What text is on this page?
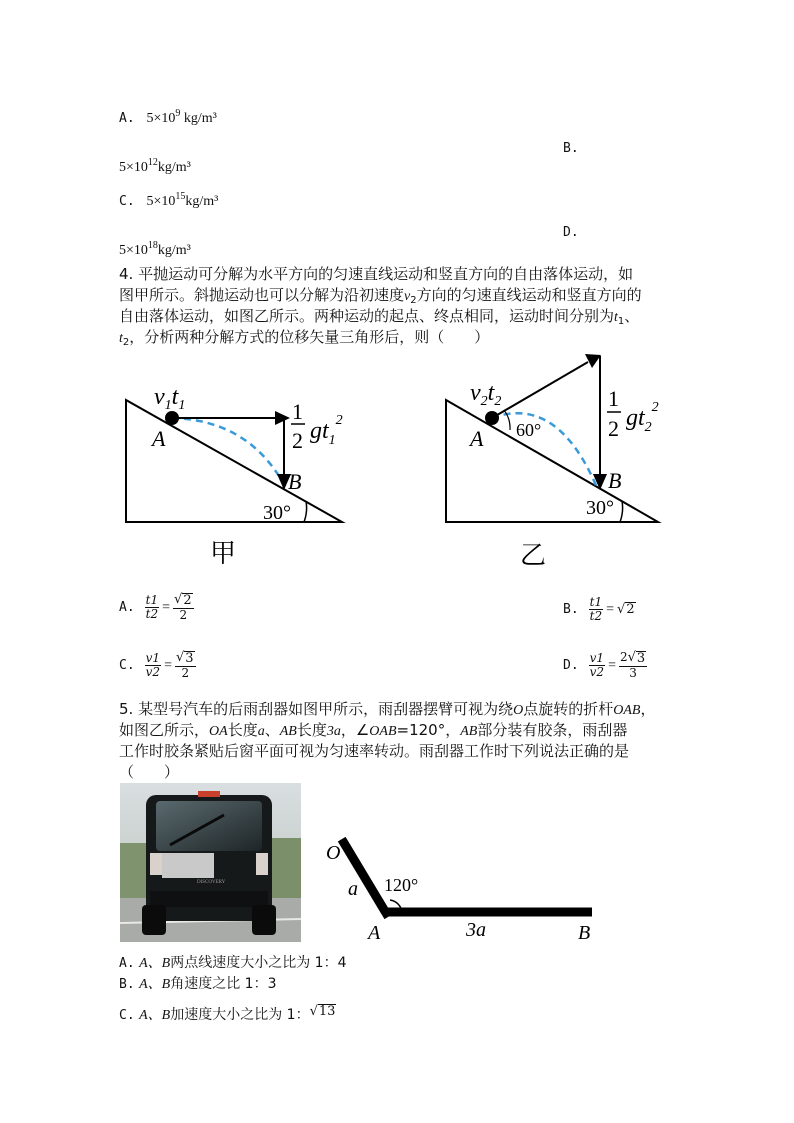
A. $5\times 10^9$ kg/m³
B.
$5\times 10^{12}kg/m^3$
C. $5\times 10^{15}kg/m^3$
D.
$5\times 10^{18}kg/m^3$
4. 平抛运动可分解为水平方向的匀速直线运动和竖直方向的自由落体运动，如
图甲所示。斜抛运动也可以分解为沿初速度$v_2$方向的匀速直线运动和竖直方向的
自由落体运动，如图乙所示。两种运动的起点、终点相同，运动时间分别为$t_1$、
$t_2$，分析两种分解方式的位移矢量三角形后，则（　　）
$v_1t_1$
A
B
1
2 $gt_1^2$
30°
甲
$v_2t_2$
A 60°
B
1
2 $gt_2^2$
30°
乙
A. $\frac{t1}{t2} = \frac{√ 2}{2}$	B. $\frac{t1}{t2}$ = √ 2
C. $\frac{v1}{v2} = \frac{√ 3}{2}$	D. $\frac{v1}{v2} = \frac{2√ 3}{3}$
5. 某型号汽车的后雨刮器如图甲所示，雨刮器摆臂可视为绕O点旋转的折杆OAB，
如图乙所示，OA长度a、AB长度3a，∠OAB=120°，AB部分装有胶条，雨刮器
工作时胶条紧贴后窗平面可视为匀速率转动。雨刮器工作时下列说法正确的是
（　　）
DISCOVERY
O
a 120°
A	3a	B
A. A、B两点线速度大小之比为 1：4
B. A、B角速度之比 1：3
C. A、B加速度大小之比为 1：√ 13
